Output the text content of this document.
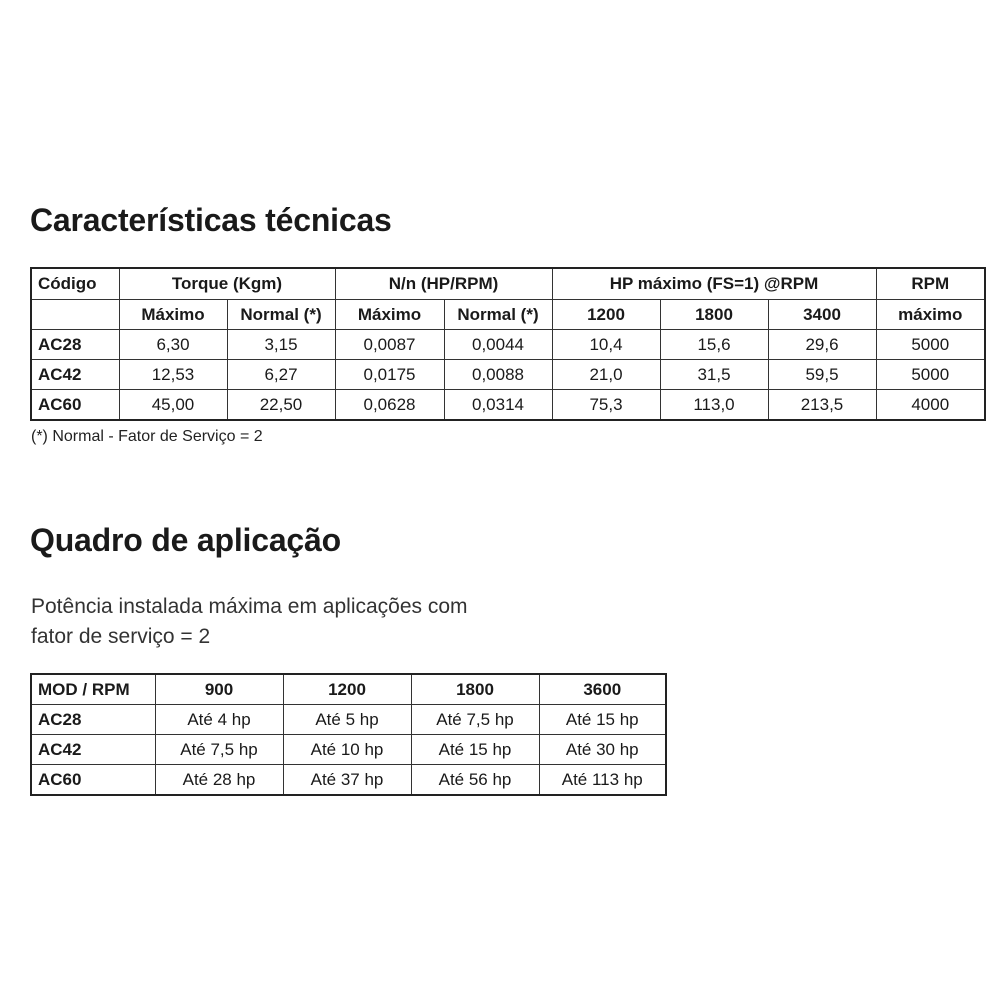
Características técnicas
Código	Torque (Kgm)		N/n (HP/RPM)		HP máximo (FS=1) @RPM			RPM
	Máximo	Normal (*)	Máximo	Normal (*)	1200	1800	3400	máximo
AC28	6,30	3,15	0,0087	0,0044	10,4	15,6	29,6	5000
AC42	12,53	6,27	0,0175	0,0088	21,0	31,5	59,5	5000
AC60	45,00	22,50	0,0628	0,0314	75,3	113,0	213,5	4000
(*) Normal - Fator de Serviço = 2
Quadro de aplicação
Potência instalada máxima em aplicações com
fator de serviço = 2
MOD / RPM	900	1200	1800	3600
AC28	Até 4 hp	Até 5 hp	Até 7,5 hp	Até 15 hp
AC42	Até 7,5 hp	Até 10 hp	Até 15 hp	Até 30 hp
AC60	Até 28 hp	Até 37 hp	Até 56 hp	Até 113 hp
